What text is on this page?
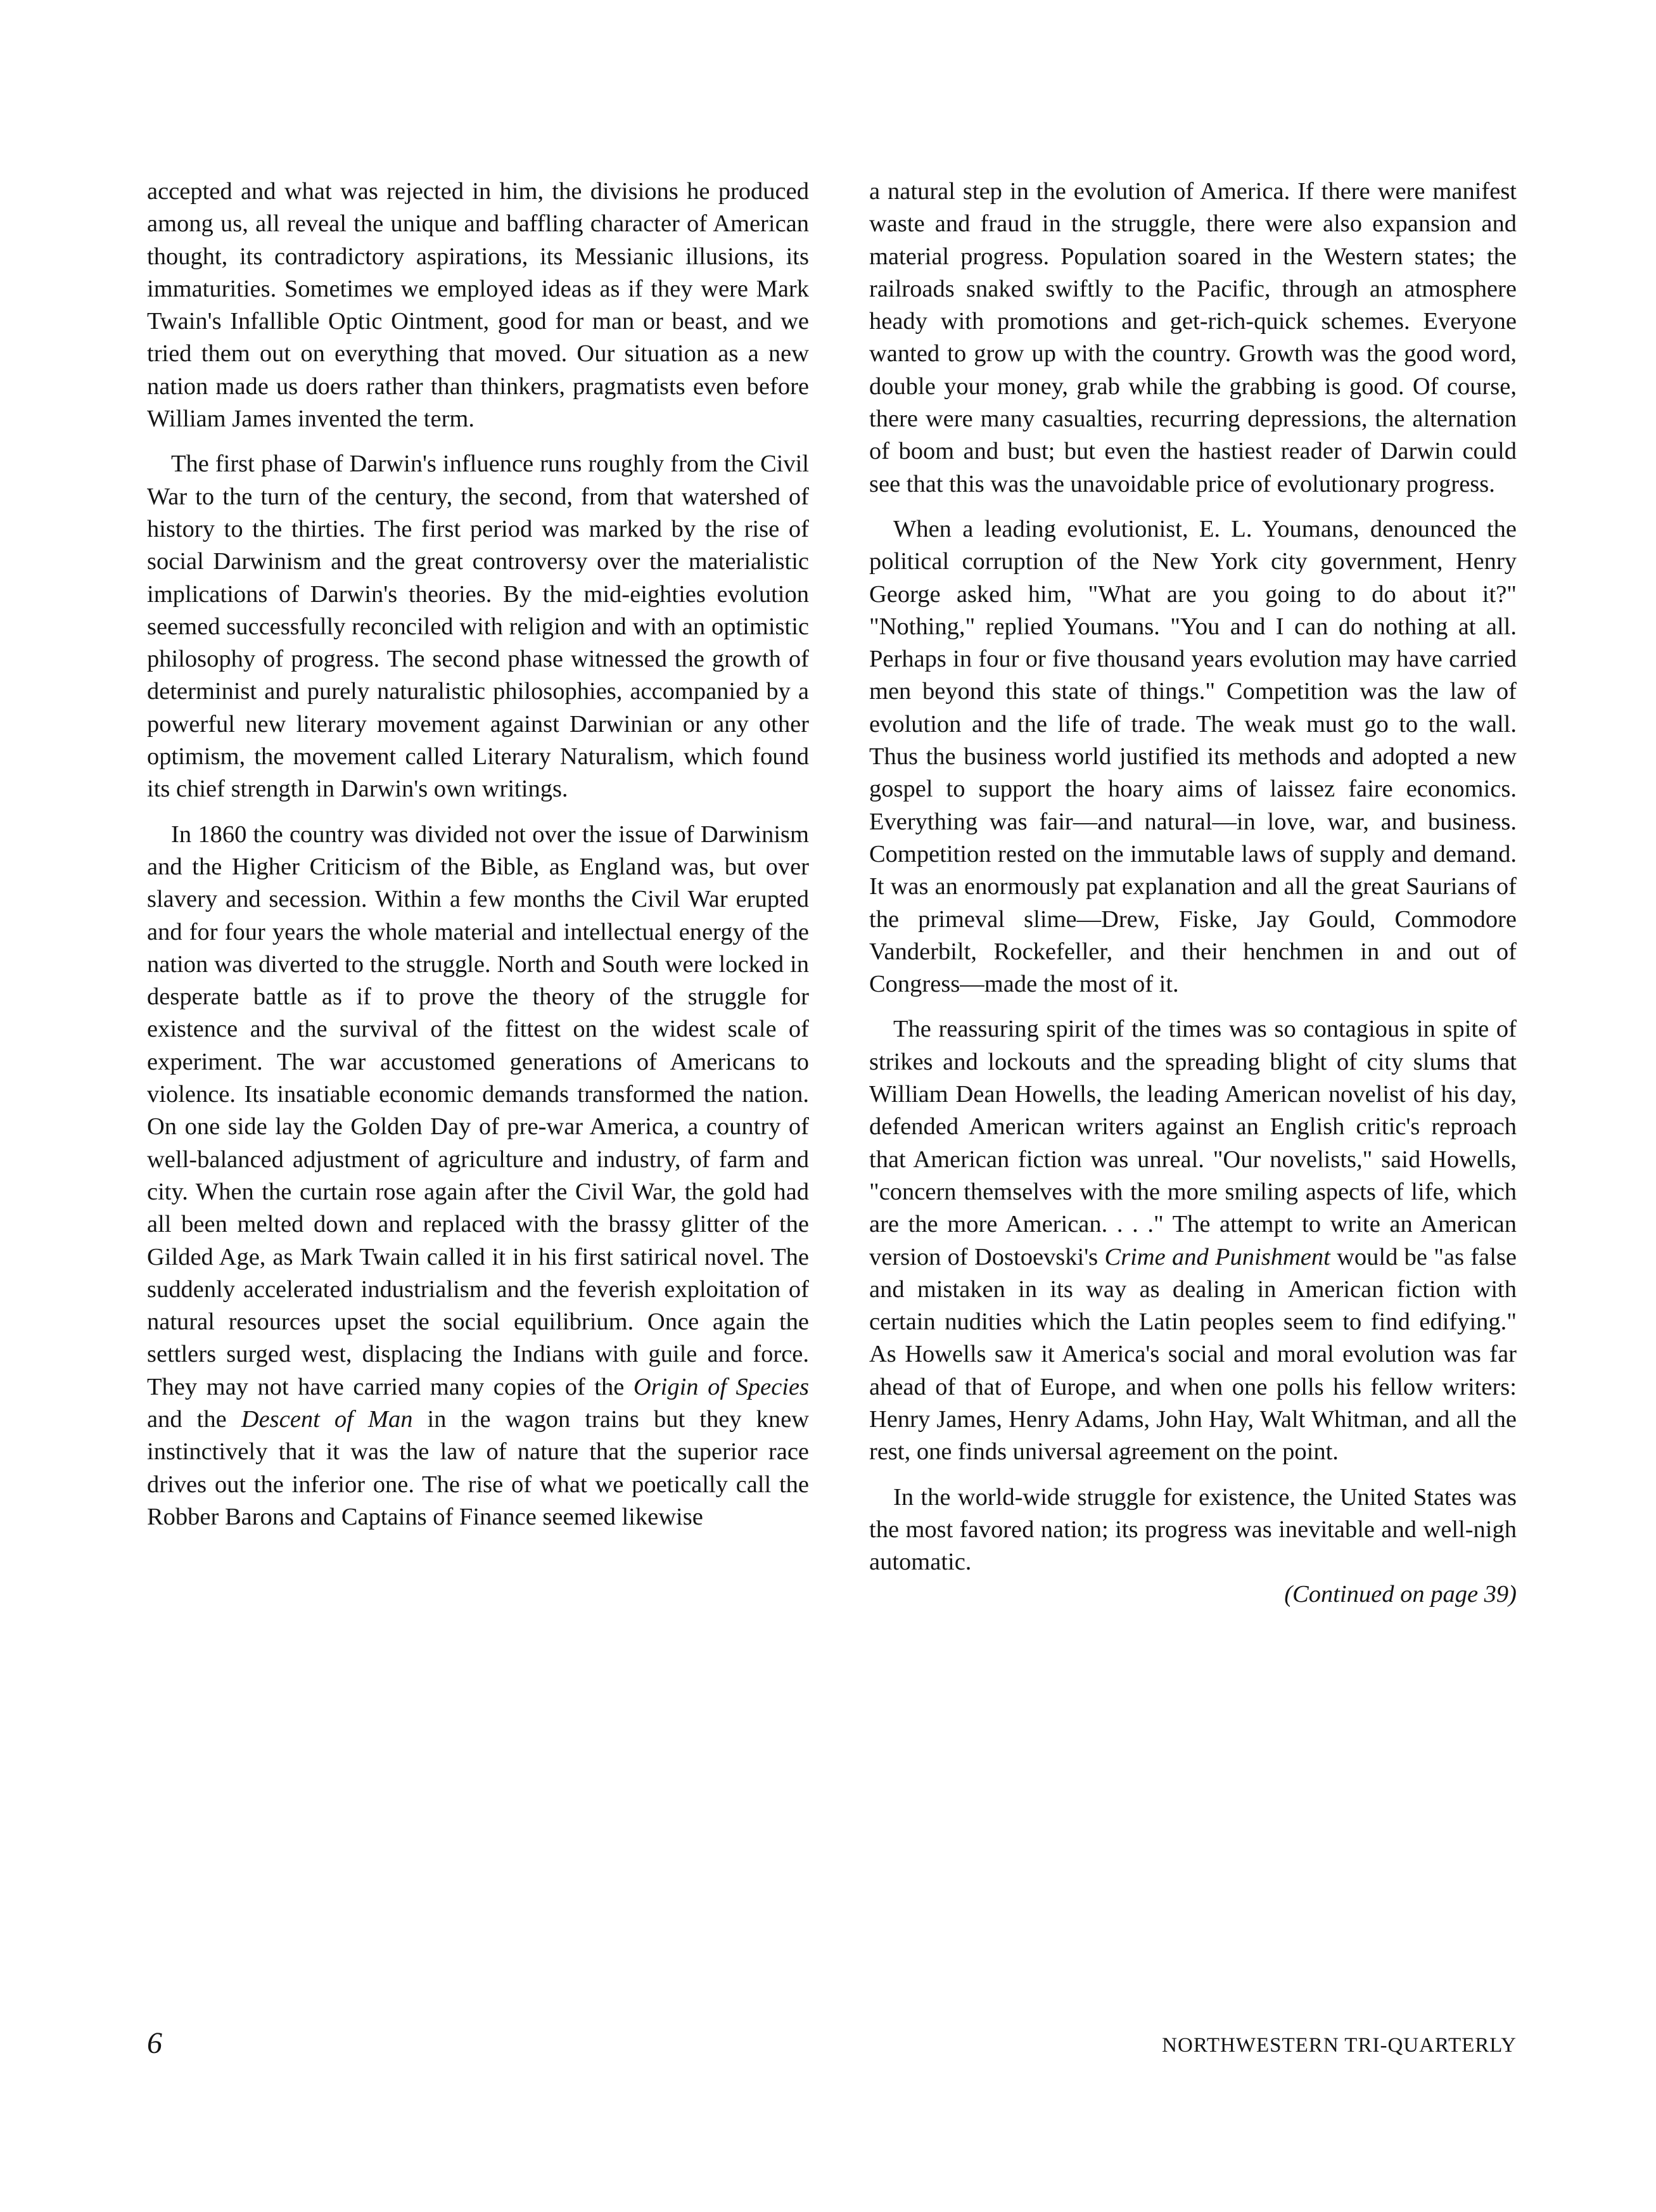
accepted and what was rejected in him, the divisions he produced among us, all reveal the unique and baffling character of American thought, its contradictory aspirations, its Messianic illusions, its immaturities. Sometimes we employed ideas as if they were Mark Twain's Infallible Optic Ointment, good for man or beast, and we tried them out on everything that moved. Our situation as a new nation made us doers rather than thinkers, pragmatists even before William James invented the term.

The first phase of Darwin's influence runs roughly from the Civil War to the turn of the century, the second, from that watershed of history to the thirties. The first period was marked by the rise of social Darwinism and the great controversy over the materialistic implications of Darwin's theories. By the mid-eighties evolution seemed successfully reconciled with religion and with an optimistic philosophy of progress. The second phase witnessed the growth of determinist and purely naturalistic philosophies, accompanied by a powerful new literary movement against Darwinian or any other optimism, the movement called Literary Naturalism, which found its chief strength in Darwin's own writings.

In 1860 the country was divided not over the issue of Darwinism and the Higher Criticism of the Bible, as England was, but over slavery and secession. Within a few months the Civil War erupted and for four years the whole material and intellectual energy of the nation was diverted to the struggle. North and South were locked in desperate battle as if to prove the theory of the struggle for existence and the survival of the fittest on the widest scale of experiment. The war accustomed generations of Americans to violence. Its insatiable economic demands transformed the nation. On one side lay the Golden Day of pre-war America, a country of well-balanced adjustment of agriculture and industry, of farm and city. When the curtain rose again after the Civil War, the gold had all been melted down and replaced with the brassy glitter of the Gilded Age, as Mark Twain called it in his first satirical novel. The suddenly accelerated industrialism and the feverish exploitation of natural resources upset the social equilibrium. Once again the settlers surged west, displacing the Indians with guile and force. They may not have carried many copies of the Origin of Species and the Descent of Man in the wagon trains but they knew instinctively that it was the law of nature that the superior race drives out the inferior one. The rise of what we poetically call the Robber Barons and Captains of Finance seemed likewise

a natural step in the evolution of America. If there were manifest waste and fraud in the struggle, there were also expansion and material progress. Population soared in the Western states; the railroads snaked swiftly to the Pacific, through an atmosphere heady with promotions and get-rich-quick schemes. Everyone wanted to grow up with the country. Growth was the good word, double your money, grab while the grabbing is good. Of course, there were many casualties, recurring depressions, the alternation of boom and bust; but even the hastiest reader of Darwin could see that this was the unavoidable price of evolutionary progress.

When a leading evolutionist, E. L. Youmans, denounced the political corruption of the New York city government, Henry George asked him, "What are you going to do about it?" "Nothing," replied Youmans. "You and I can do nothing at all. Perhaps in four or five thousand years evolution may have carried men beyond this state of things." Competition was the law of evolution and the life of trade. The weak must go to the wall. Thus the business world justified its methods and adopted a new gospel to support the hoary aims of laissez faire economics. Everything was fair—and natural—in love, war, and business. Competition rested on the immutable laws of supply and demand. It was an enormously pat explanation and all the great Saurians of the primeval slime—Drew, Fiske, Jay Gould, Commodore Vanderbilt, Rockefeller, and their henchmen in and out of Congress—made the most of it.

The reassuring spirit of the times was so contagious in spite of strikes and lockouts and the spreading blight of city slums that William Dean Howells, the leading American novelist of his day, defended American writers against an English critic's reproach that American fiction was unreal. "Our novelists," said Howells, "concern themselves with the more smiling aspects of life, which are the more American. . . ." The attempt to write an American version of Dostoevski's Crime and Punishment would be "as false and mistaken in its way as dealing in American fiction with certain nudities which the Latin peoples seem to find edifying." As Howells saw it America's social and moral evolution was far ahead of that of Europe, and when one polls his fellow writers: Henry James, Henry Adams, John Hay, Walt Whitman, and all the rest, one finds universal agreement on the point.

In the world-wide struggle for existence, the United States was the most favored nation; its progress was inevitable and well-nigh automatic.

(Continued on page 39)

6	NORTHWESTERN TRI-QUARTERLY
